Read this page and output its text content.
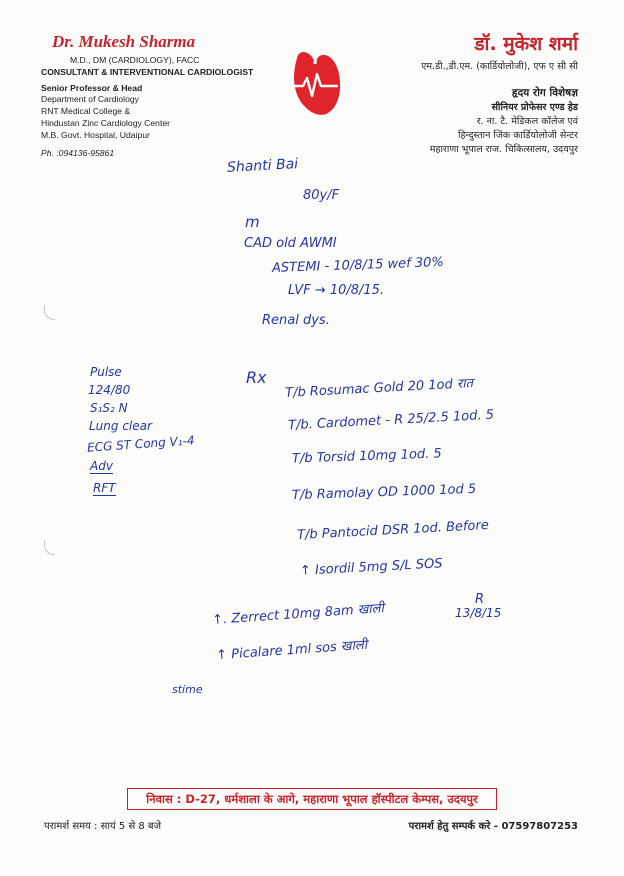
Dr. Mukesh Sharma
M.D., DM (CARDIOLOGY), FACC
CONSULTANT & INTERVENTIONAL CARDIOLOGIST
Senior Professor & Head
Department of Cardiology
RNT Medical College &
Hindustan Zinc Cardiology Center
M.B. Govt. Hospital, Udaipur
Ph. :094136-95861
डॉ. मुकेश शर्मा
एम.डी.,डी.एम. (कार्डियोलोजी), एफ ए सी सी
हृदय रोग विशेषज्ञ
सीनियर प्रोफेसर एण्ड हेड
र. ना. टै. मेडिकल कॉलेज एवं
हिन्दुस्तान जिंक कार्डियोलोजी सेन्टर
महाराणा भूपाल राज. चिकित्सालय, उदयपुर
Shanti Bai
80y/F
m
CAD old AWMI
ASTEMI - 10/8/15 wef 30%
LVF → 10/8/15.
Renal dys.
Rx T/b Rosumac Gold 20 1od रात
T/b. Cardomet - R 25/2.5 1od. 5
T/b Torsid 10mg 1od. 5
T/b Ramolay OD 1000 1od 5
T/b Pantocid DSR 1od. Before
↑ Isordil 5mg S/L SOS
↑. Zerrect 10mg 8am खाली
↑ Picalare 1ml sos खाली
R
13/8/15
Pulse
124/80
S₁S₂ N
Lung clear
ECG ST Cong V₁-4
Adv
RFT
stime
निवास : D-27, धर्मशाला के आगे, महाराणा भूपाल हॉस्पीटल केम्पस, उदयपुर
परामर्श समय : सायं 5 से 8 बजे	परामर्श हेतु सम्पर्क करे - 07597807253
